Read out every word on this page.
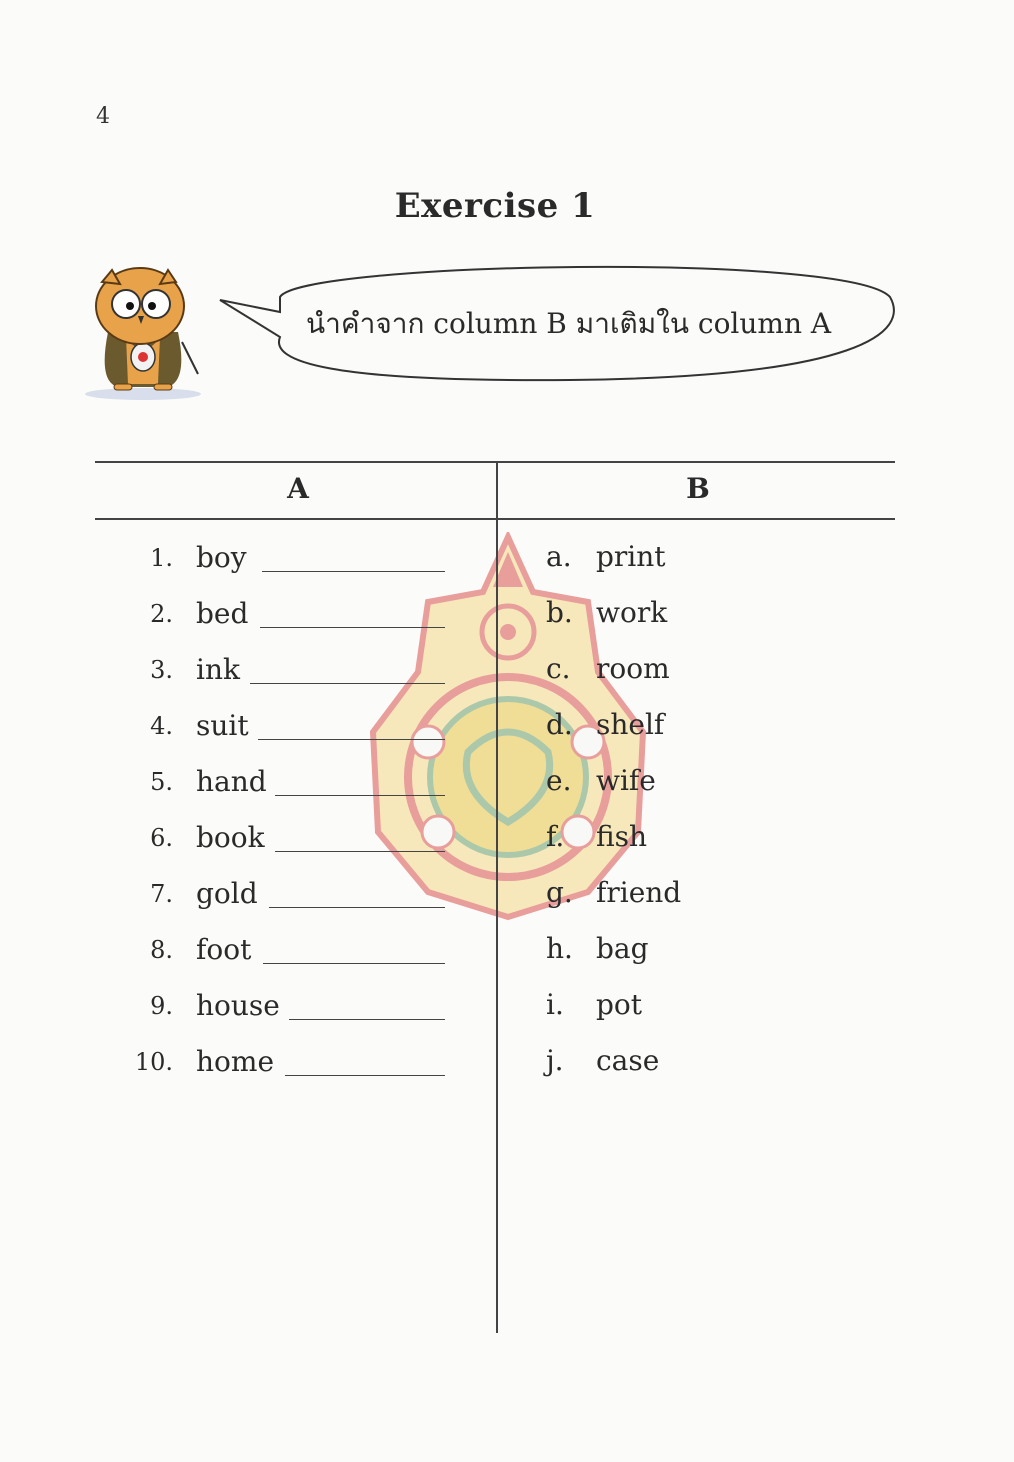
4
Exercise 1
นำคำจาก column B มาเติมใน column A
A	B
1. boy
2. bed
3. ink
4. suit
5. hand
6. book
7. gold
8. foot
9. house
10. home
a. print
b. work
c. room
d. shelf
e. wife
f. fish
g. friend
h. bag
i. pot
j. case
